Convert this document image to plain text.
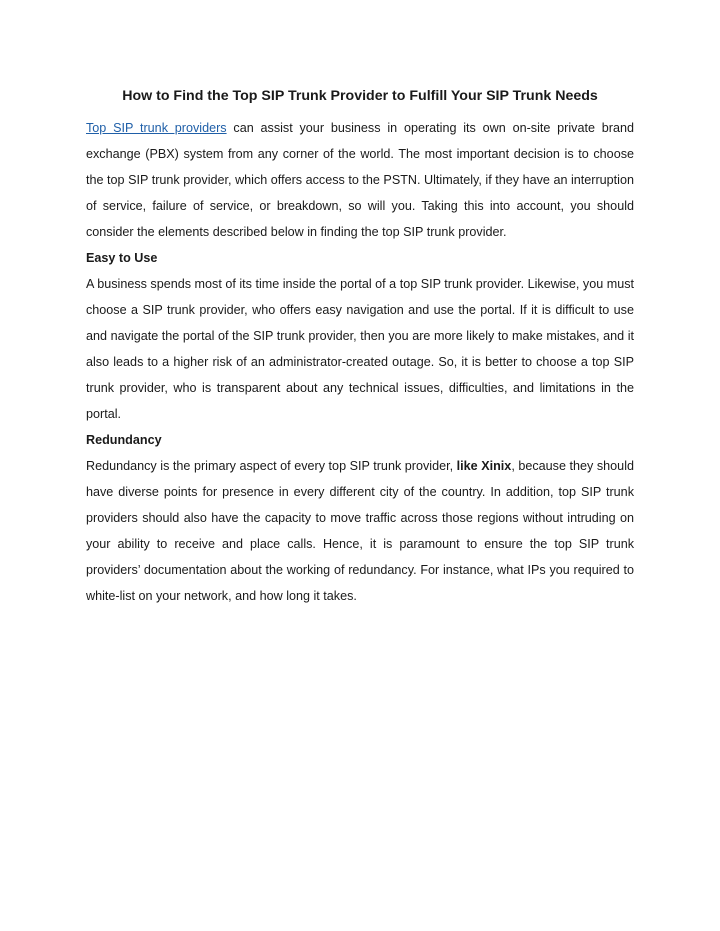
How to Find the Top SIP Trunk Provider to Fulfill Your SIP Trunk Needs

Top SIP trunk providers can assist your business in operating its own on-site private brand exchange (PBX) system from any corner of the world. The most important decision is to choose the top SIP trunk provider, which offers access to the PSTN. Ultimately, if they have an interruption of service, failure of service, or breakdown, so will you. Taking this into account, you should consider the elements described below in finding the top SIP trunk provider.

Easy to Use

A business spends most of its time inside the portal of a top SIP trunk provider. Likewise, you must choose a SIP trunk provider, who offers easy navigation and use the portal. If it is difficult to use and navigate the portal of the SIP trunk provider, then you are more likely to make mistakes, and it also leads to a higher risk of an administrator-created outage. So, it is better to choose a top SIP trunk provider, who is transparent about any technical issues, difficulties, and limitations in the portal.

Redundancy

Redundancy is the primary aspect of every top SIP trunk provider, like Xinix, because they should have diverse points for presence in every different city of the country. In addition, top SIP trunk providers should also have the capacity to move traffic across those regions without intruding on your ability to receive and place calls. Hence, it is paramount to ensure the top SIP trunk providers’ documentation about the working of redundancy. For instance, what IPs you required to white-list on your network, and how long it takes.
